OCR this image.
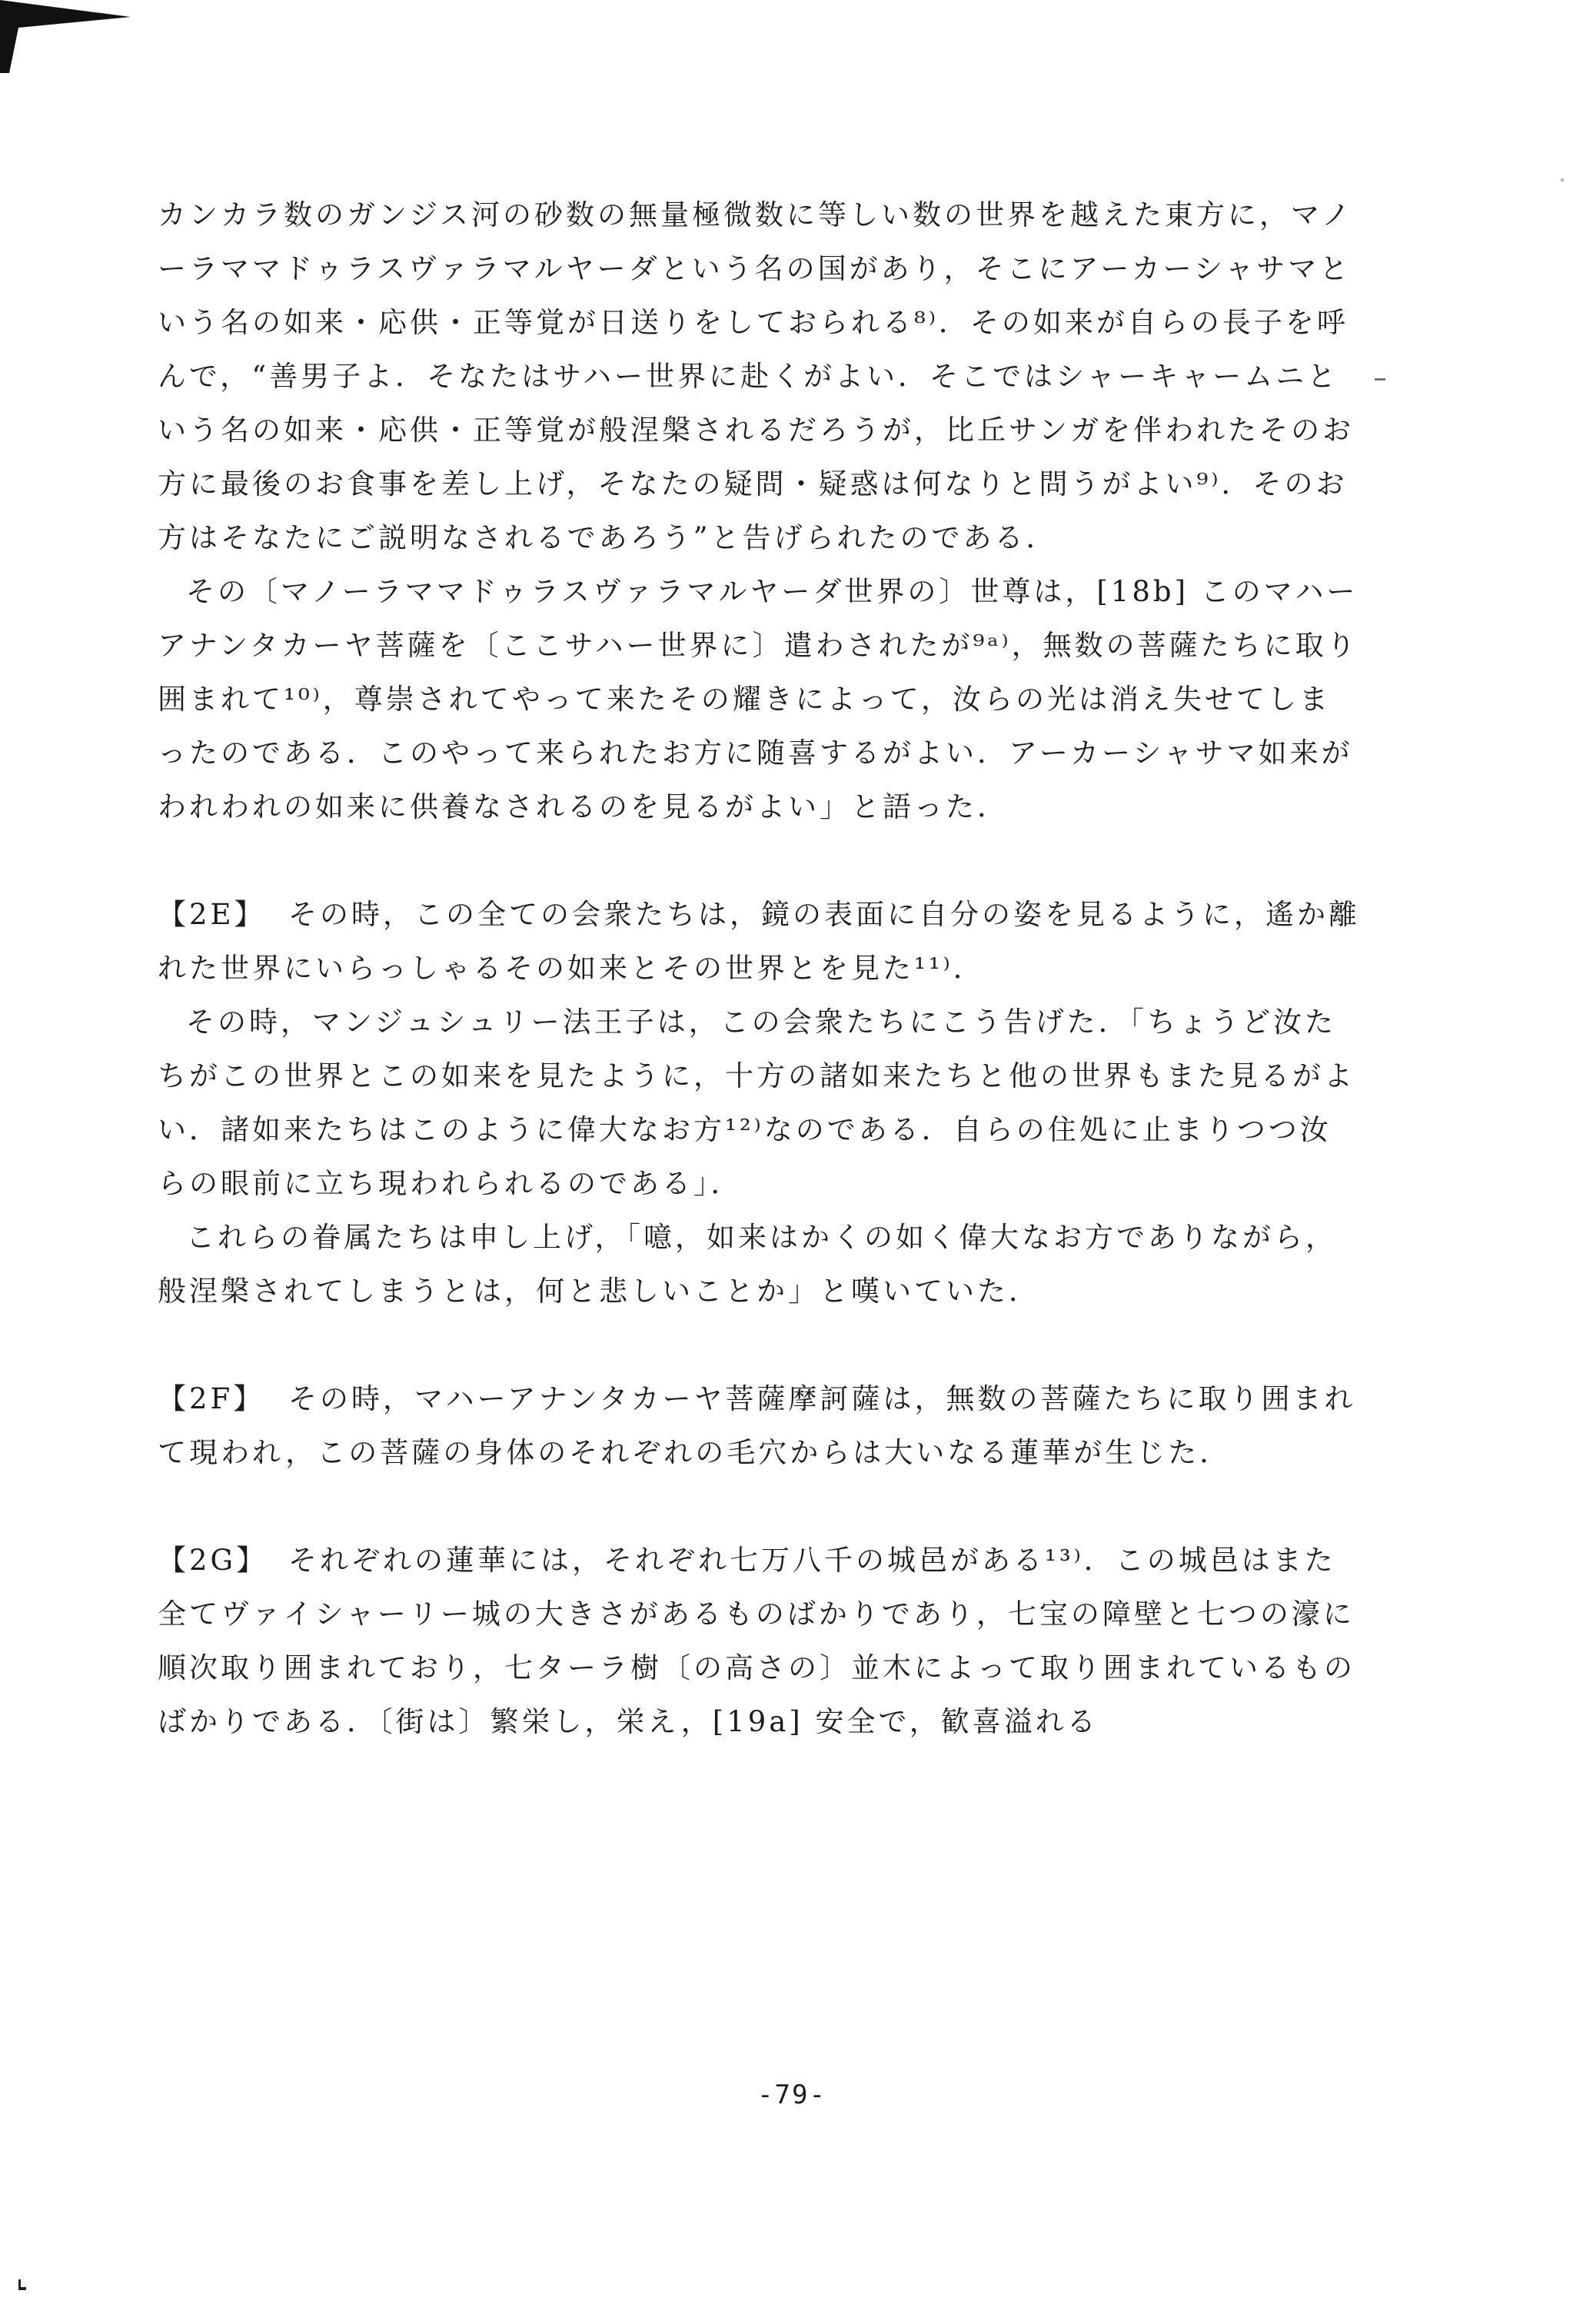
カンカラ数のガンジス河の砂数の無量極微数に等しい数の世界を越えた東方に，マノーラママドゥラスヴァラマルヤーダという名の国があり，そこにアーカーシャサマという名の如来・応供・正等覚が日送りをしておられる⁸⁾．その如来が自らの長子を呼んで，“善男子よ．そなたはサハー世界に赴くがよい．そこではシャーキャームニという名の如来・応供・正等覚が般涅槃されるだろうが，比丘サンガを伴われたそのお方に最後のお食事を差し上げ，そなたの疑問・疑惑は何なりと問うがよい⁹⁾．そのお方はそなたにご説明なされるであろう”と告げられたのである．

その〔マノーラママドゥラスヴァラマルヤーダ世界の〕世尊は，[18b] このマハーアナンタカーヤ菩薩を〔ここサハー世界に〕遣わされたが⁹ᵃ⁾，無数の菩薩たちに取り囲まれて¹⁰⁾，尊崇されてやって来たその耀きによって，汝らの光は消え失せてしまったのである．このやって来られたお方に随喜するがよい．アーカーシャサマ如来がわれわれの如来に供養なされるのを見るがよい」と語った．

【2E】 その時，この全ての会衆たちは，鏡の表面に自分の姿を見るように，遙か離れた世界にいらっしゃるその如来とその世界とを見た¹¹⁾．

その時，マンジュシュリー法王子は，この会衆たちにこう告げた．「ちょうど汝たちがこの世界とこの如来を見たように，十方の諸如来たちと他の世界もまた見るがよい．諸如来たちはこのように偉大なお方¹²⁾なのである．自らの住処に止まりつつ汝らの眼前に立ち現われられるのである」．

これらの眷属たちは申し上げ，「噫，如来はかくの如く偉大なお方でありながら，般涅槃されてしまうとは，何と悲しいことか」と嘆いていた．

【2F】 その時，マハーアナンタカーヤ菩薩摩訶薩は，無数の菩薩たちに取り囲まれて現われ，この菩薩の身体のそれぞれの毛穴からは大いなる蓮華が生じた．

【2G】 それぞれの蓮華には，それぞれ七万八千の城邑がある¹³⁾．この城邑はまた全てヴァイシャーリー城の大きさがあるものばかりであり，七宝の障壁と七つの濠に順次取り囲まれており，七ターラ樹〔の高さの〕並木によって取り囲まれているものばかりである．〔街は〕繁栄し，栄え，[19a] 安全で，歓喜溢れる

-79-
